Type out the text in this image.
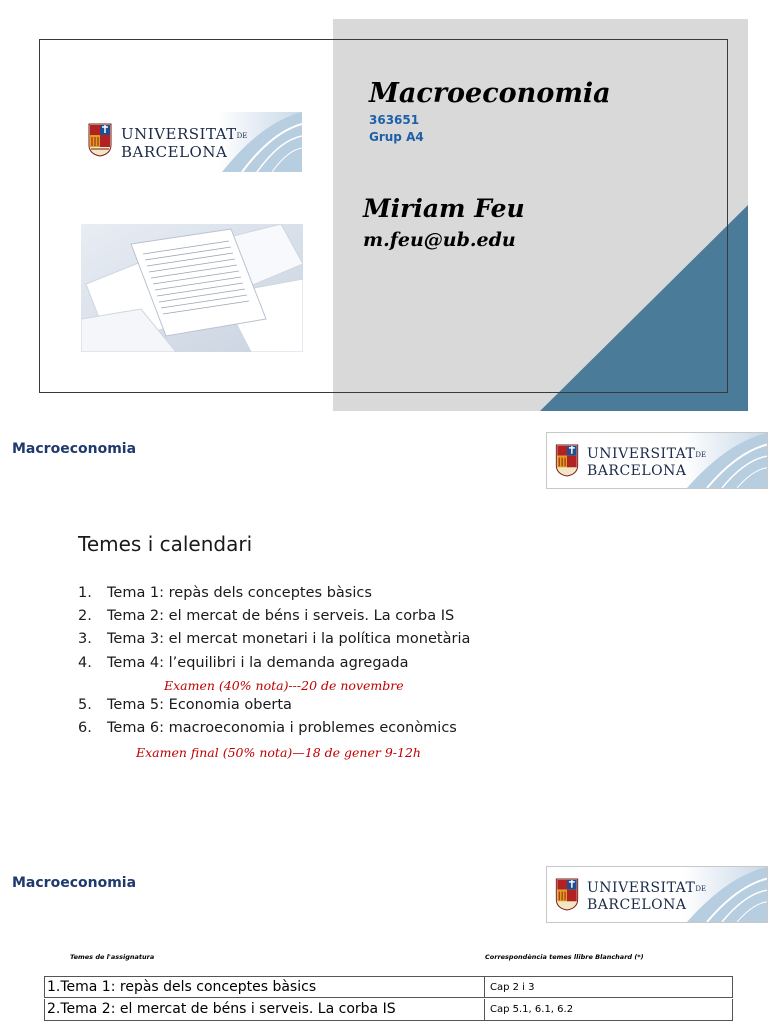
UNIVERSITATDE
BARCELONA
Macroeconomia
363651
Grup A4
Miriam Feu
m.feu@ub.edu
Macroeconomia	UNIVERSITATDE
BARCELONA
Temes i calendari
1. Tema 1: repàs dels conceptes bàsics
2. Tema 2: el mercat de béns i serveis. La corba IS
3. Tema 3: el mercat monetari i la política monetària
4. Tema 4: l’equilibri i la demanda agregada
Examen (40% nota)---20 de novembre
5. Tema 5: Economia oberta
6. Tema 6: macroeconomia i problemes econòmics
Examen final (50% nota)—18 de gener 9-12h
Macroeconomia	UNIVERSITATDE
BARCELONA
Temes de l'assignatura	Correspondència temes llibre Blanchard (*)
1.Tema 1: repàs dels conceptes bàsics	Cap 2 i 3
2.Tema 2: el mercat de béns i serveis. La corba IS	Cap 5.1, 6.1, 6.2
